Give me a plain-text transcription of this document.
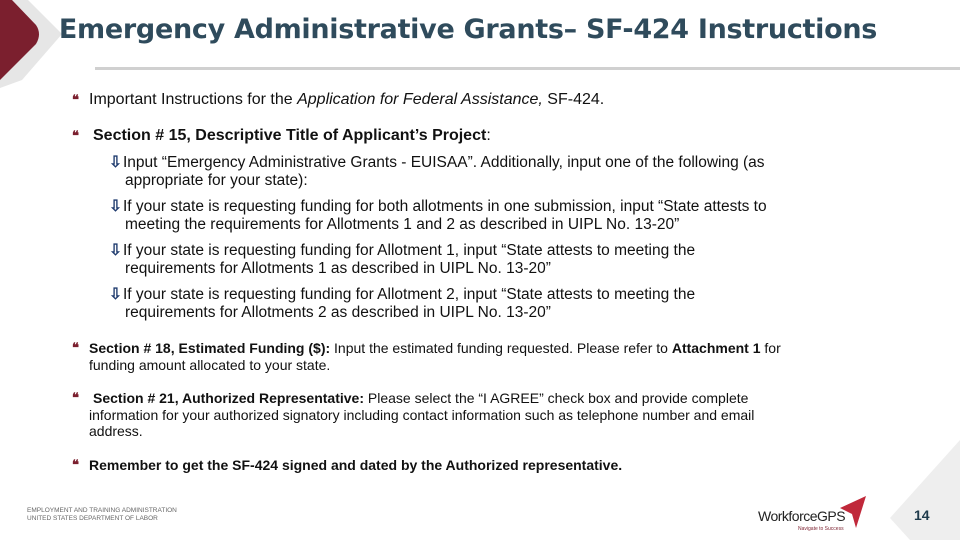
Emergency Administrative Grants– SF-424 Instructions
❝ Important Instructions for the Application for Federal Assistance, SF-424.
❝ Section # 15, Descriptive Title of Applicant’s Project:
⇩Input “Emergency Administrative Grants - EUISAA”. Additionally, input one of the following (as
appropriate for your state):
⇩If your state is requesting funding for both allotments in one submission, input “State attests to
meeting the requirements for Allotments 1 and 2 as described in UIPL No. 13-20”
⇩If your state is requesting funding for Allotment 1, input “State attests to meeting the
requirements for Allotments 1 as described in UIPL No. 13-20”
⇩If your state is requesting funding for Allotment 2, input “State attests to meeting the
requirements for Allotments 2 as described in UIPL No. 13-20”
❝ Section # 18, Estimated Funding ($): Input the estimated funding requested. Please refer to Attachment 1 for
funding amount allocated to your state.
❝ Section # 21, Authorized Representative: Please select the “I AGREE” check box and provide complete
information for your authorized signatory including contact information such as telephone number and email
address.
❝ Remember to get the SF-424 signed and dated by the Authorized representative.
EMPLOYMENT AND TRAINING ADMINISTRATION
UNITED STATES DEPARTMENT OF LABOR	WorkforceGPS
Navigate to Success
14
